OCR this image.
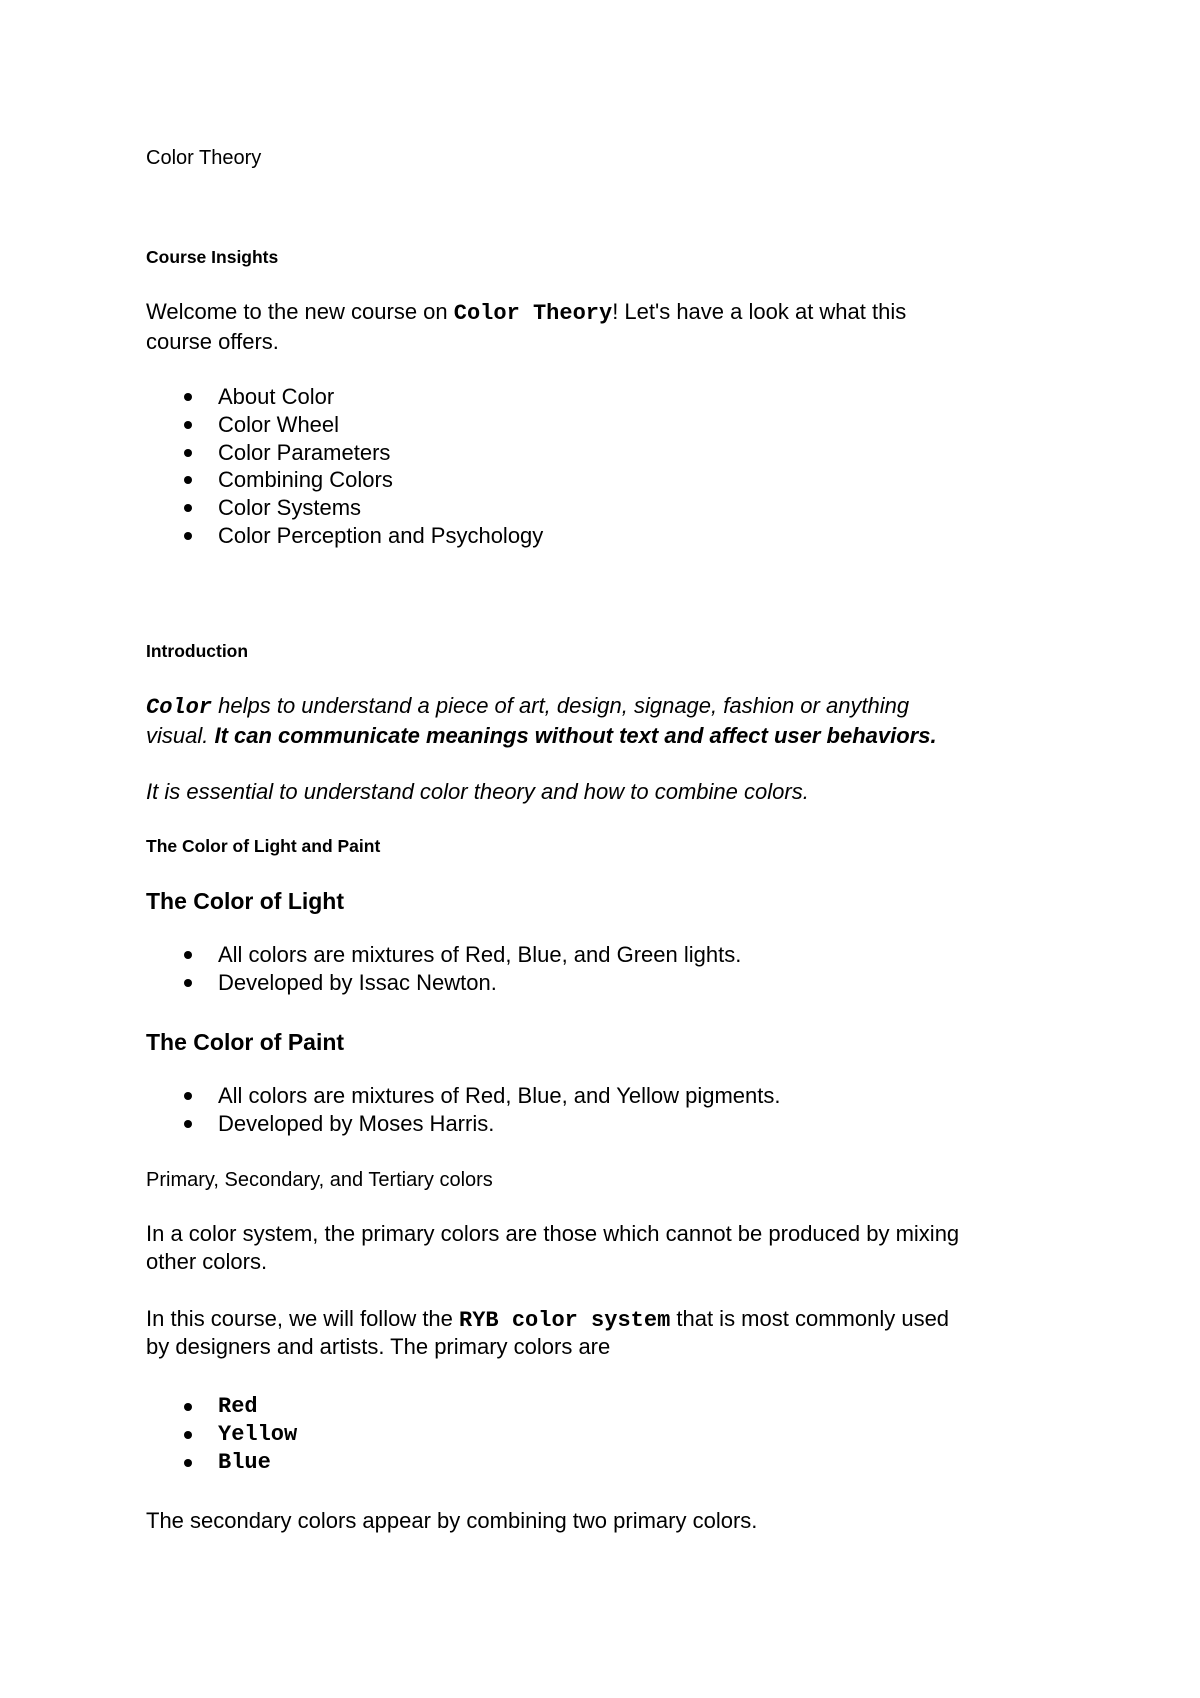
Color Theory
Course Insights
Welcome to the new course on Color Theory! Let's have a look at what this
course offers.
About Color
Color Wheel
Color Parameters
Combining Colors
Color Systems
Color Perception and Psychology
Introduction
Color helps to understand a piece of art, design, signage, fashion or anything
visual. It can communicate meanings without text and affect user behaviors.
It is essential to understand color theory and how to combine colors.
The Color of Light and Paint
The Color of Light
All colors are mixtures of Red, Blue, and Green lights.
Developed by Issac Newton.
The Color of Paint
All colors are mixtures of Red, Blue, and Yellow pigments.
Developed by Moses Harris.
Primary, Secondary, and Tertiary colors
In a color system, the primary colors are those which cannot be produced by mixing
other colors.
In this course, we will follow the RYB color system that is most commonly used
by designers and artists. The primary colors are
Red
Yellow
Blue
The secondary colors appear by combining two primary colors.
